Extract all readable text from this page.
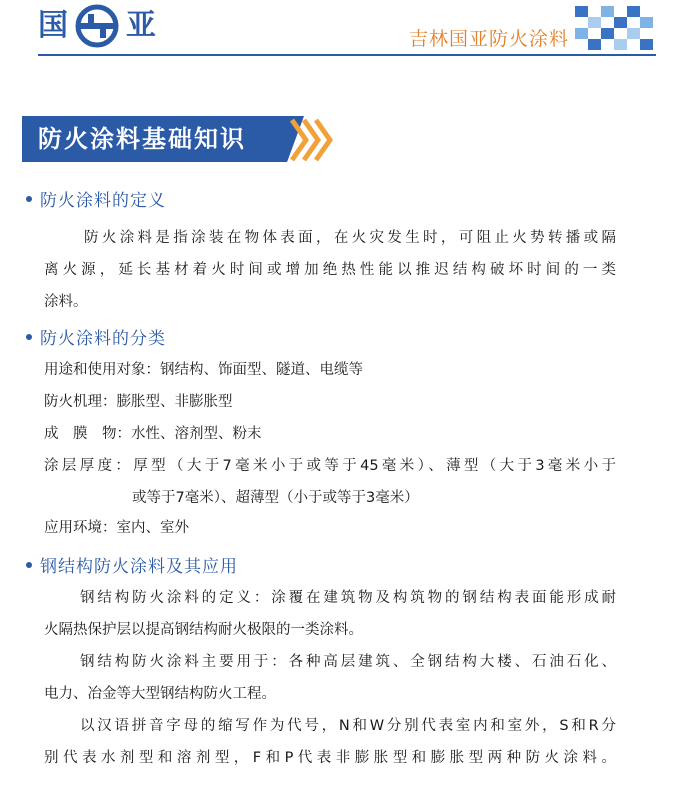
国 亚	吉林国亚防火涂料
防火涂料基础知识
防火涂料的定义
防火涂料是指涂装在物体表面，在火灾发生时，可阻止火势转播或隔
离火源，延长基材着火时间或增加绝热性能以推迟结构破坏时间的一类
涂料。
防火涂料的分类
用途和使用对象：钢结构、饰面型、隧道、电缆等
防火机理：膨胀型、非膨胀型
成　膜　物：水性、溶剂型、粉末
涂层厚度：厚型（大于7毫米小于或等于45毫米）、薄型（大于3毫米小于
或等于7毫米）、超薄型（小于或等于3毫米）
应用环境：室内、室外
钢结构防火涂料及其应用
钢结构防火涂料的定义：涂覆在建筑物及构筑物的钢结构表面能形成耐
火隔热保护层以提高钢结构耐火极限的一类涂料。
钢结构防火涂料主要用于：各种高层建筑、全钢结构大楼、石油石化、
电力、冶金等大型钢结构防火工程。
以汉语拼音字母的缩写作为代号，N和W分别代表室内和室外，S和R分
别代表水剂型和溶剂型，F和P代表非膨胀型和膨胀型两种防火涂料。
